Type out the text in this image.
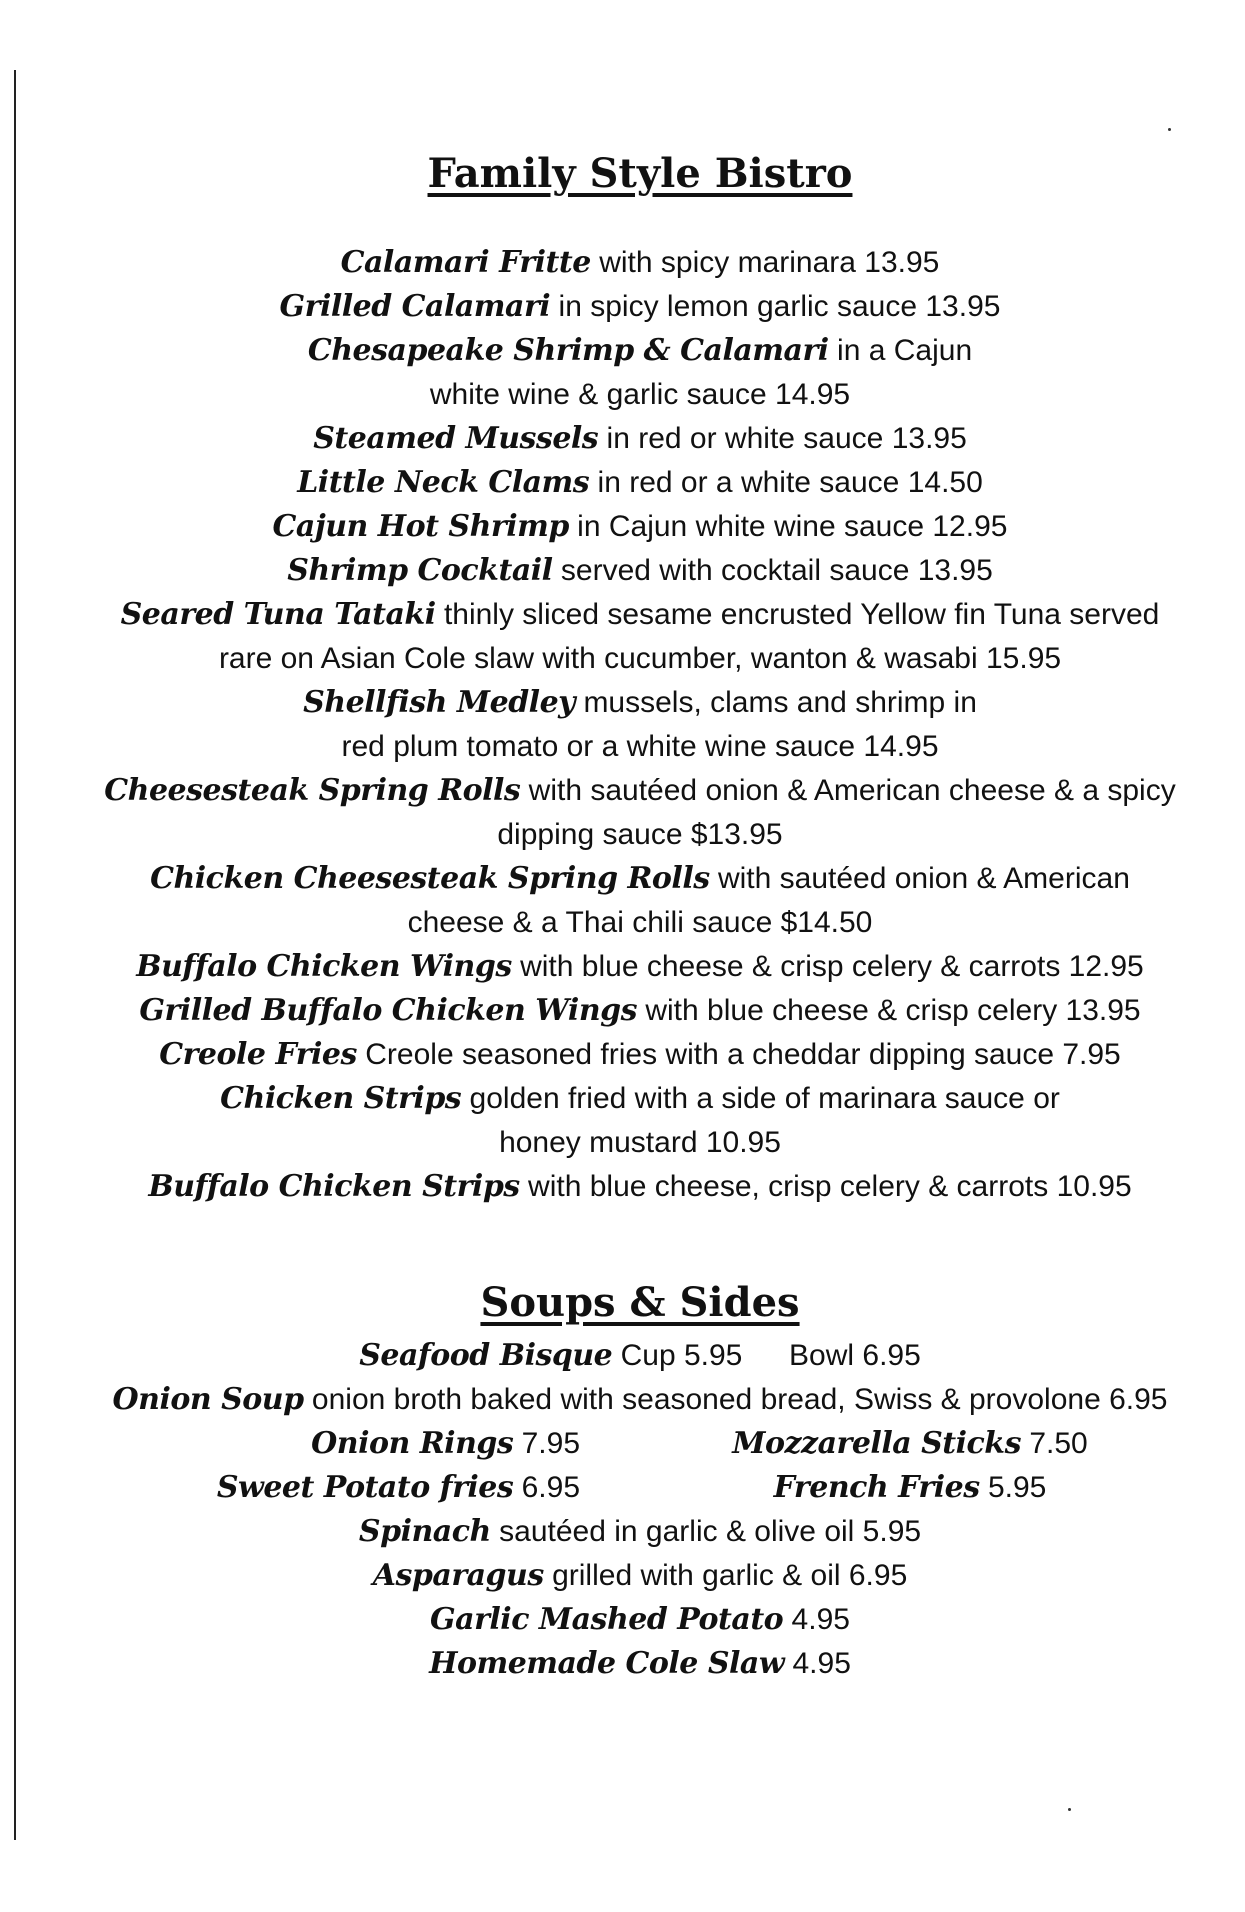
Family Style Bistro
Calamari Fritte with spicy marinara 13.95
Grilled Calamari in spicy lemon garlic sauce 13.95
Chesapeake Shrimp & Calamari in a Cajun
white wine & garlic sauce 14.95
Steamed Mussels in red or white sauce 13.95
Little Neck Clams in red or a white sauce 14.50
Cajun Hot Shrimp in Cajun white wine sauce 12.95
Shrimp Cocktail served with cocktail sauce 13.95
Seared Tuna Tataki thinly sliced sesame encrusted Yellow fin Tuna served
rare on Asian Cole slaw with cucumber, wanton & wasabi 15.95
Shellfish Medley mussels, clams and shrimp in
red plum tomato or a white wine sauce 14.95
Cheesesteak Spring Rolls with sautéed onion & American cheese & a spicy
dipping sauce $13.95
Chicken Cheesesteak Spring Rolls with sautéed onion & American
cheese & a Thai chili sauce $14.50
Buffalo Chicken Wings with blue cheese & crisp celery & carrots 12.95
Grilled Buffalo Chicken Wings with blue cheese & crisp celery 13.95
Creole Fries Creole seasoned fries with a cheddar dipping sauce 7.95
Chicken Strips golden fried with a side of marinara sauce or
honey mustard 10.95
Buffalo Chicken Strips with blue cheese, crisp celery & carrots 10.95
Soups & Sides
Seafood Bisque Cup 5.95 Bowl 6.95
Onion Soup onion broth baked with seasoned bread, Swiss & provolone 6.95
Onion Rings 7.95	Mozzarella Sticks 7.50
Sweet Potato fries 6.95	French Fries 5.95
Spinach sautéed in garlic & olive oil 5.95
Asparagus grilled with garlic & oil 6.95
Garlic Mashed Potato 4.95
Homemade Cole Slaw 4.95
